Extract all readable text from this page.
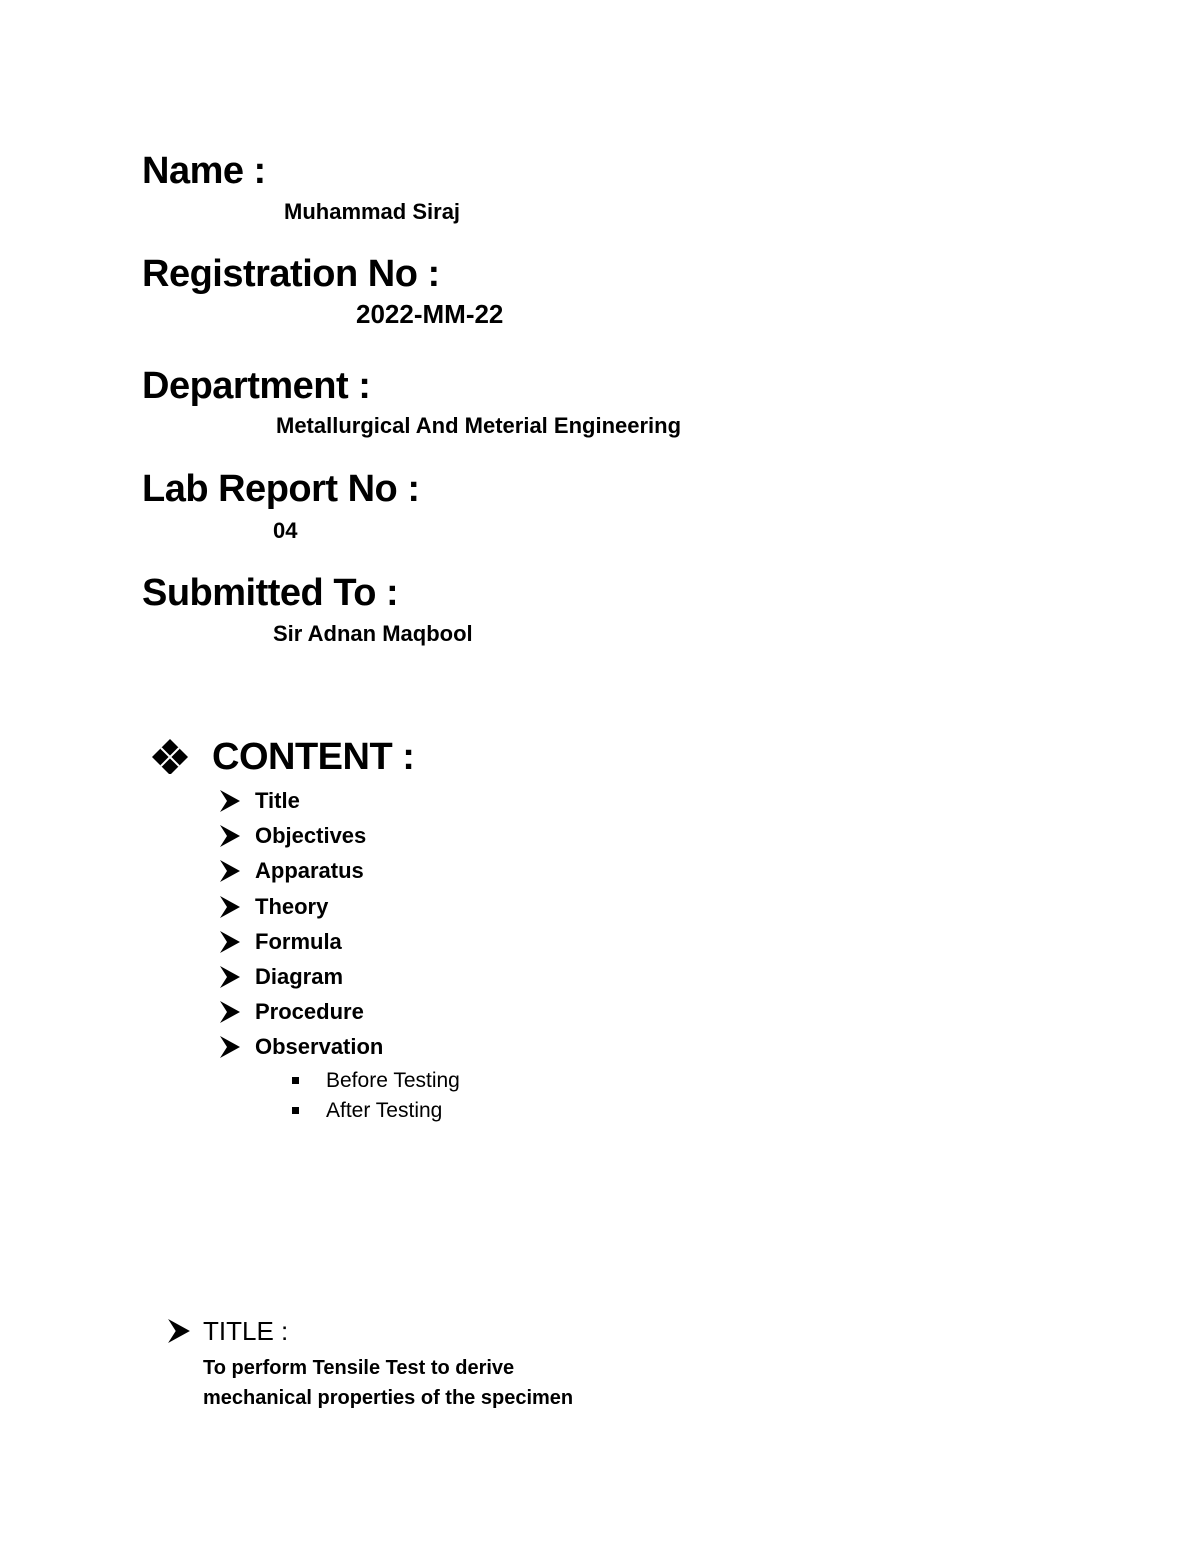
Name :
Muhammad Siraj
Registration No :
2022-MM-22
Department :
Metallurgical And Meterial Engineering
Lab Report No :
04
Submitted To :
Sir Adnan Maqbool
CONTENT :
Title
Objectives
Apparatus
Theory
Formula
Diagram
Procedure
Observation
Before Testing
After Testing
TITLE :
To perform Tensile Test to derive
mechanical properties of the specimen
